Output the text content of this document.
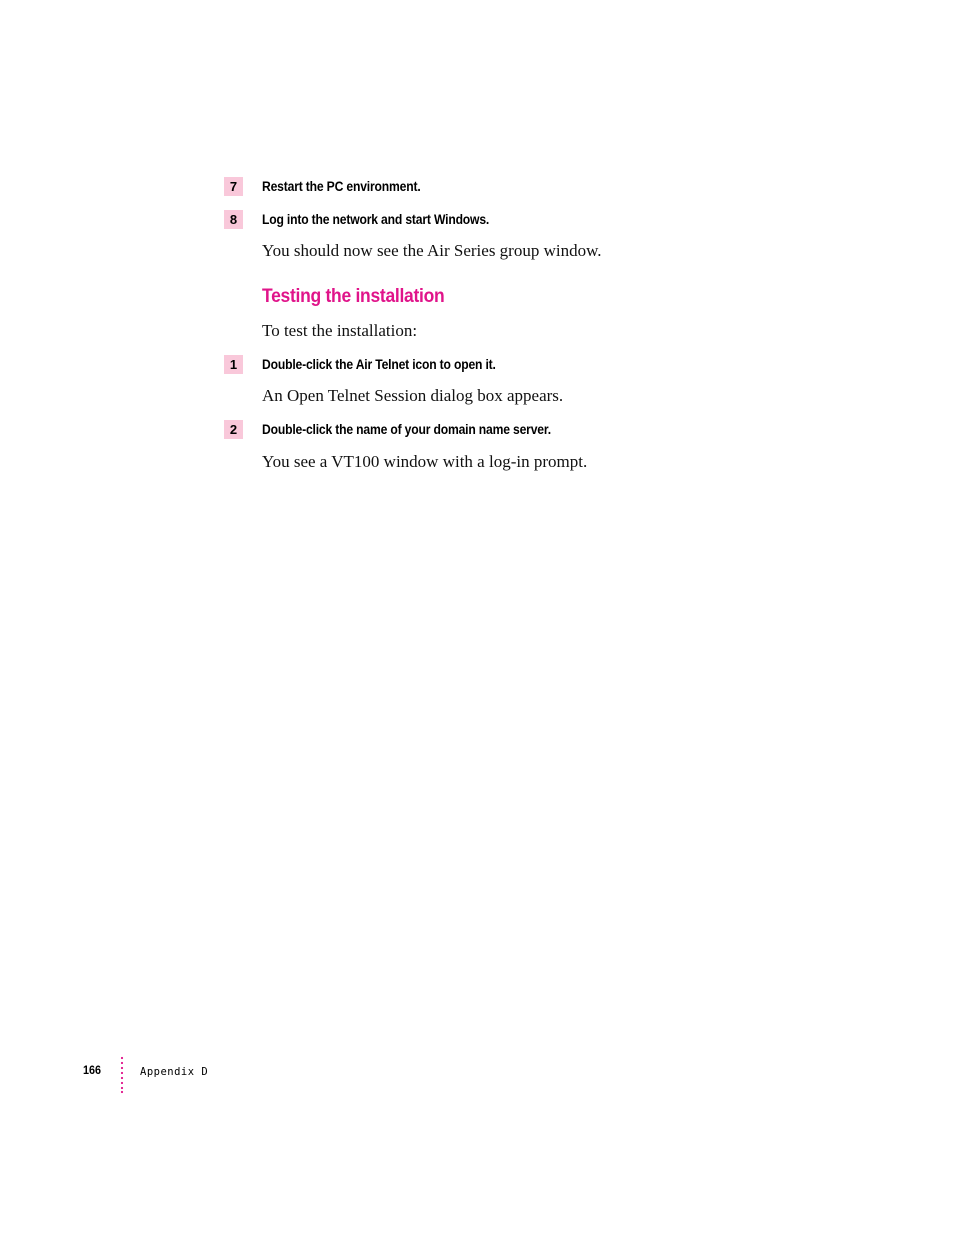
7	Restart the PC environment.
8	Log into the network and start Windows.
You should now see the Air Series group window.
Testing the installation
To test the installation:
1	Double-click the Air Telnet icon to open it.
An Open Telnet Session dialog box appears.
2	Double-click the name of your domain name server.
You see a VT100 window with a log-in prompt.
166	Appendix D
